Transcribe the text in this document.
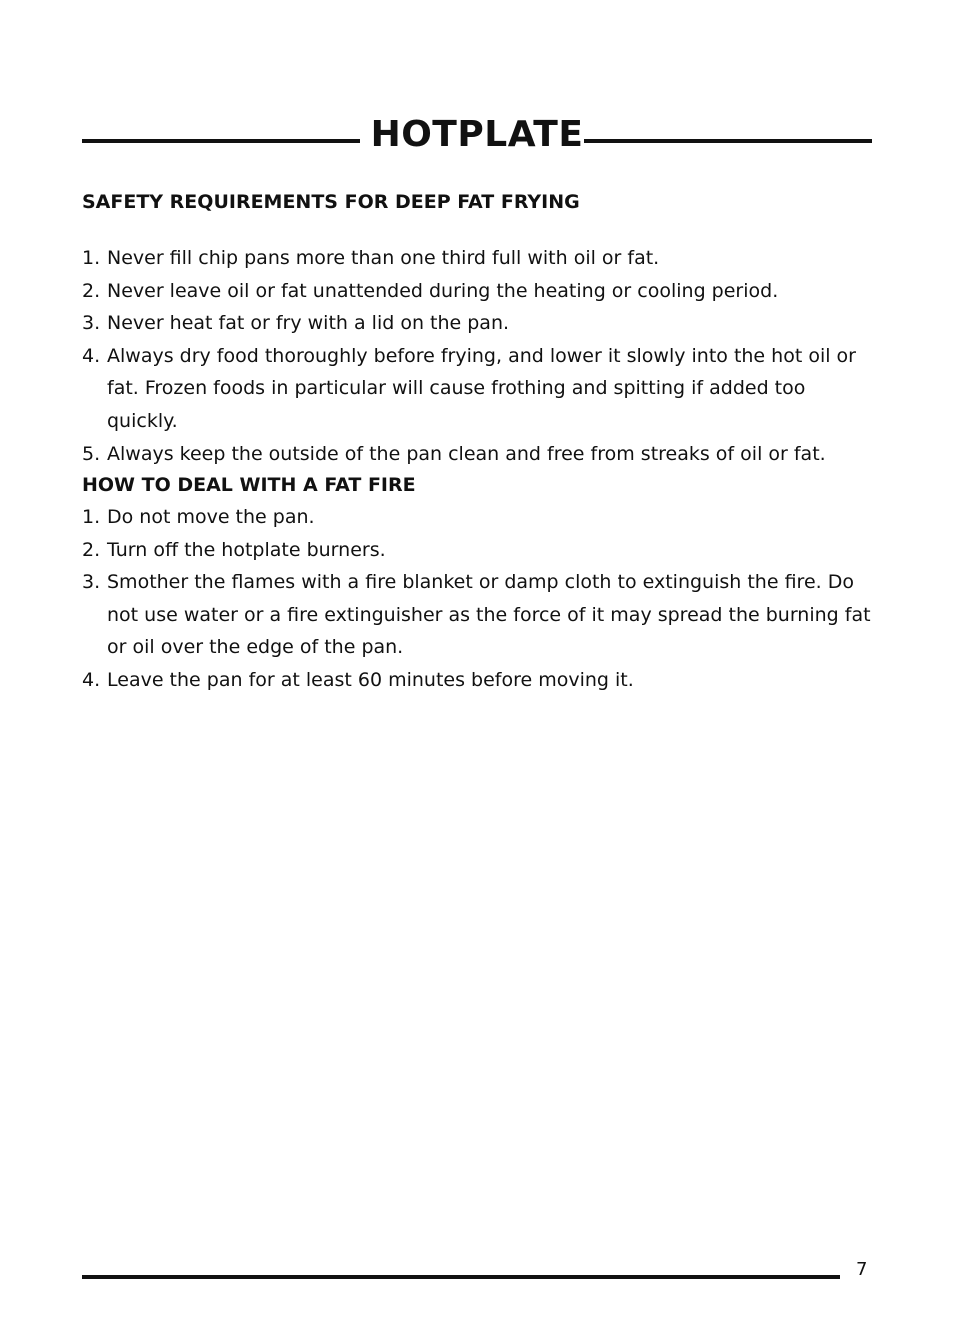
HOTPLATE
SAFETY REQUIREMENTS FOR DEEP FAT FRYING
1. Never fill chip pans more than one third full with oil or fat.
2. Never leave oil or fat unattended during the heating or cooling period.
3. Never heat fat or fry with a lid on the pan.
4. Always dry food thoroughly before frying, and lower it slowly into the hot oil or fat. Frozen foods in particular will cause frothing and spitting if added too quickly.
5. Always keep the outside of the pan clean and free from streaks of oil or fat.
HOW TO DEAL WITH A FAT FIRE
1. Do not move the pan.
2. Turn off the hotplate burners.
3. Smother the flames with a fire blanket or damp cloth to extinguish the fire. Do not use water or a fire extinguisher as the force of it may spread the burning fat or oil over the edge of the pan.
4. Leave the pan for at least 60 minutes before moving it.
7
